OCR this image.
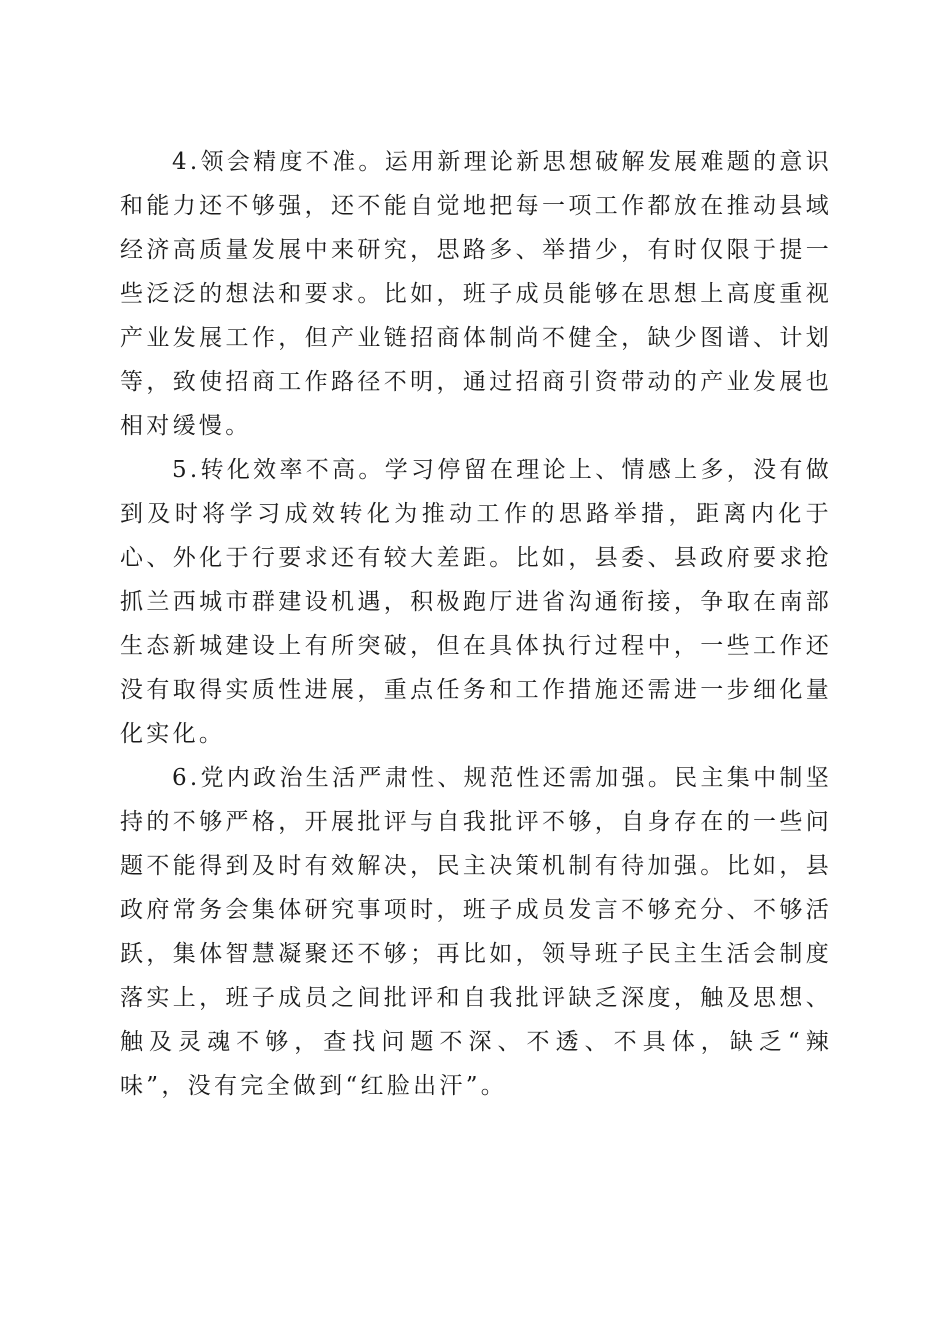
4.领会精度不准。运用新理论新思想破解发展难题的意识和能力还不够强，还不能自觉地把每一项工作都放在推动县域经济高质量发展中来研究，思路多、举措少，有时仅限于提一些泛泛的想法和要求。比如，班子成员能够在思想上高度重视产业发展工作，但产业链招商体制尚不健全，缺少图谱、计划等，致使招商工作路径不明，通过招商引资带动的产业发展也相对缓慢。

5.转化效率不高。学习停留在理论上、情感上多，没有做到及时将学习成效转化为推动工作的思路举措，距离内化于心、外化于行要求还有较大差距。比如，县委、县政府要求抢抓兰西城市群建设机遇，积极跑厅进省沟通衔接，争取在南部生态新城建设上有所突破，但在具体执行过程中，一些工作还没有取得实质性进展，重点任务和工作措施还需进一步细化量化实化。

6.党内政治生活严肃性、规范性还需加强。民主集中制坚持的不够严格，开展批评与自我批评不够，自身存在的一些问题不能得到及时有效解决，民主决策机制有待加强。比如，县政府常务会集体研究事项时，班子成员发言不够充分、不够活跃，集体智慧凝聚还不够；再比如，领导班子民主生活会制度落实上，班子成员之间批评和自我批评缺乏深度，触及思想、触及灵魂不够，查找问题不深、不透、不具体，缺乏“辣味”，没有完全做到“红脸出汗”。
